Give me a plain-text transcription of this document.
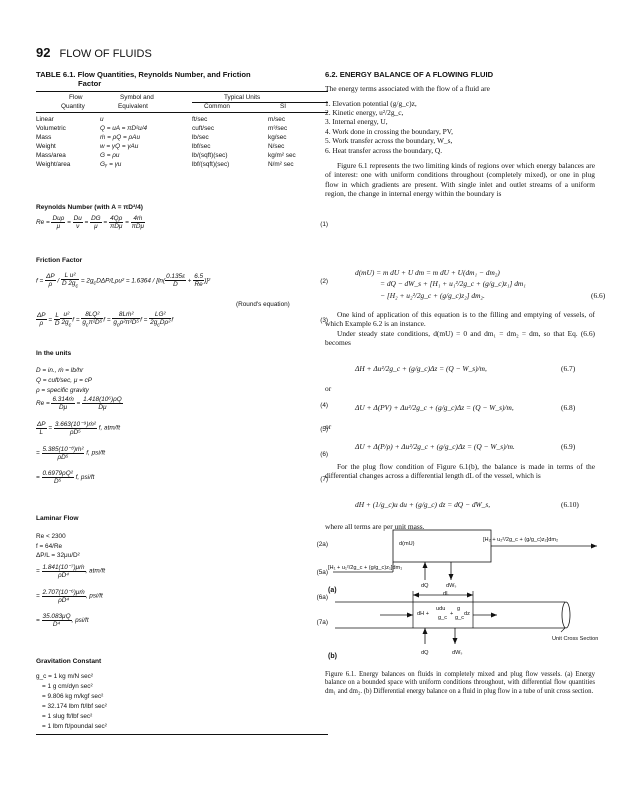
92 FLOW OF FLUIDS
TABLE 6.1. Flow Quantities, Reynolds Number, and Friction
Factor
Flow	Symbol and	Typical Units
Quantity	Equivalent	Common	SI
Linear	u	ft/sec	m/sec
Volumetric	Q = uA = πD²u/4	cuft/sec	m³/sec
Mass	ṁ = ρQ = ρAu	lb/sec	kg/sec
Weight	w = γQ = γAu	lbf/sec	N/sec
Mass/area	G = ρu	lb/(sqft)(sec)	kg/m² sec
Weight/area	Gᵧ = γu	lbf/(sqft)(sec)	N/m² sec
Reynolds Number (with A = πD²/4)
$Re = \frac{\text{Duρ}}{\mu} = \frac{Du}{\nu} = \frac{DG}{\mu} = \frac{4Q\rho}{\text{πDμ}} = \frac{\text{4ṁ}}{\text{πDμ}}$	(1)
Friction Factor
$f = \frac{\Delta P}{\rho} / \frac{\text{L u²}}{D 2g_c} = 2g_cD\Delta P/L\rho u^2 = 1.6364 / [\ln( \frac{0.135\varepsilon}{D} + \frac{6.5}{Re} )]^2$	(2)
(Round's equation)
$\frac{\Delta P}{\rho} = \frac{L}{D} \frac{\text{u²}}{2g_c}$ $f = \frac{\text{8LQ²}}{g_c\pi^2D^5}$ $f = \frac{\text{8Lṁ²}}{g_c\rho^2\pi^2D^5}$ $f = \frac{\text{LG²}}{2g_cD\rho^2}$ f	(3)
In the units
D = in., ṁ = lb/hr
Q = cuft/sec, μ = cP
ρ = specific gravity
$Re = \frac{\text{6.314ṁ}}{D\mu} = \frac{\text{1.418(10⁶)ρQ}}{D\mu}$	(4)
$\frac{\Delta P}{L} = \frac{\text{3.663(10⁻⁹)ṁ²}}{\text{ρD⁵}} f$, atm/ft	(5)
= $\frac{\text{5.385(10⁻⁸)ṁ²}}{\text{ρD⁵}} f$, psi/ft	(6)
= $\frac{\text{0.6979ρQ²}}{\text{D⁵}} f$, psi/ft	(7)
Laminar Flow
Re < 2300
f = 64/Re
ΔP/L = 32μu/D²
(2a)
= $\frac{\text{1.841(10⁻⁷)μṁ}}{\text{ρD⁴}}$ , atm/ft	(5a)
= $\frac{\text{2.707(10⁻⁶)μṁ}}{\text{ρD⁴}}$ , psi/ft	(6a)
= $\frac{35.083\mu Q}{\text{D⁴}}$ , psi/ft	(7a)
Gravitation Constant
g_c = 1 kg m/N sec²
= 1 g cm/dyn sec²
= 9.806 kg m/kgf sec²
= 32.174 lbm ft/lbf sec²
= 1 slug ft/lbf sec²
= 1 lbm ft/poundal sec²
6.2. ENERGY BALANCE OF A FLOWING FLUID
The energy terms associated with the flow of a fluid are
1. Elevation potential (g/g_c)z,
2. Kinetic energy, u²/2g_c,
3. Internal energy, U,
4. Work done in crossing the boundary, PV,
5. Work transfer across the boundary, W_s,
6. Heat transfer across the boundary, Q.
Figure 6.1 represents the two limiting kinds of regions over which energy balances are of interest: one with uniform conditions throughout (completely mixed), or one in plug flow in which gradients are present. With single inlet and outlet streams of a uniform region, the change in internal energy within the boundary is
d(mU) = m dU + U dm = m dU + U(dm₁ − dm₂)
= dQ − dW_s + [H₁ + u₁²/2g_c + (g/g_c)z₁] dm₁
− [H₂ + u₂²/2g_c + (g/g_c)z₂] dm₂.	(6.6)
One kind of application of this equation is to the filling and emptying of vessels, of which Example 6.2 is an instance.
Under steady state conditions, d(mU) = 0 and dm₁ = dm₂ = dm, so that Eq. (6.6) becomes
ΔH + Δu²/2g_c + (g/g_c)Δz = (Q − W_s)/m,	(6.7)
or
ΔU + Δ(PV) + Δu²/2g_c + (g/g_c)Δz = (Q − W_s)/m,	(6.8)
or
ΔU + Δ(P/ρ) + Δu²/2g_c + (g/g_c)Δz = (Q − W_s)/m.	(6.9)
For the plug flow condition of Figure 6.1(b), the balance is made in terms of the differential changes across a differential length dL of the vessel, which is
dH + (1/g_c)u du + (g/g_c) dz = dQ − dW_s,	(6.10)
where all terms are per unit mass.
d(mU)
[H₂ + u₂²/2g_c + (g/g_c)z₂]dm₂
[H₁ + u₁²/2g_c + (g/g_c)z₁]dm₁
(a)
dQ	dWₛ
dL
dH +
udu
g_c
+
g
g_c
dz
Unit Cross Section
(b)	dQ	dWₛ
Figure 6.1. Energy balances on fluids in completely mixed and plug flow vessels. (a) Energy balance on a bounded space with uniform conditions throughout, with differential flow quantities dm₁ and dm₂. (b) Differential energy balance on a fluid in plug flow in a tube of unit cross section.
